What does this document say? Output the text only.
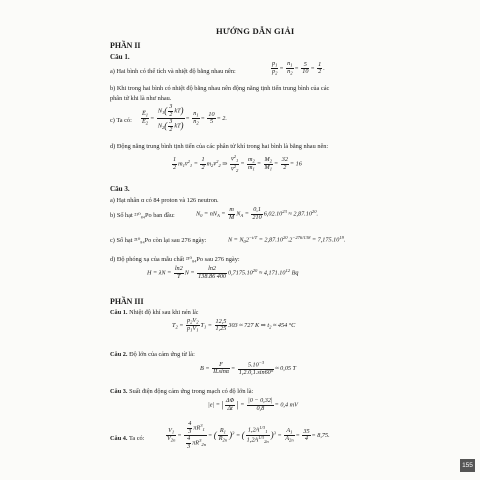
HƯỚNG DẪN GIẢI
PHẦN II
Câu 1.
a) Hai bình có thể tích và nhiệt độ bằng nhau nên:	$\frac{p_1}{p_2} = \frac{n_1}{n_2} = \frac{5}{10} = \frac{1}{2}$ .
b) Khi trong hai bình có nhiệt độ bằng nhau nên động năng tịnh tiến trung bình của các
phân tử khi là như nhau.
c) Ta có: $\frac{E̅_1}{E̅_2} = \frac{N_1( \frac{3}{2} kT)}{N_2( \frac{3}{2} kT)} = \frac{n_1}{n_2} = \frac{10}{5} = 2$.
d) Động năng trung bình tịnh tiến của các phân tử khí trong hai bình là bằng nhau nên:
$\frac{1}{2}$ $m_1v̄^2_1 = \frac{1}{2}$ $m_2v̄^2_2$ ⇒ $\frac{v̄^2_1}{v̄^2_2} = \frac{m_2}{m_1} = \frac{M_2}{M_1} = \frac{32}{2} = 16$
Câu 3.
a) Hạt nhân α có 84 proton và 126 neutron.
b) Số hạt ²¹⁰₈₄Po ban đầu:	$N_0 = nN_A = \frac{m}{M} N_A = \frac{0,1}{210} 6,02.10^{23} \approx 2,87.10^{20}$.
c) Số hạt ²¹⁰₈₄Po còn lại sau 276 ngày:	$N = N_02^{-t/T} = 2,87.10^{20}.2^{-276/138} = 7,175.10^{19}$.
d) Độ phóng xạ của mẫu chất ²¹⁰₈₄Po sau 276 ngày:
$H = \lambda N = \frac{\ln 2}{T}$ $N = \frac{\ln 2}{138.86 400} 0,7175.10^{20} \approx 4,171.10^{12}$ Bq
PHẦN III
Câu 1. Nhiệt độ khí sau khi nén là:
$T_2 = \frac{p_2V_2}{p_1V_1} T_1 = \frac{12,5}{1,25} 303 \approx 727$ K ⇒ $t_2 \approx 454$ °C
Câu 2. Độ lớn của cảm ứng từ là:
$B = \frac{F}{ILsin\alpha} = \frac{5.10^{-3}}{1,2.0,1.\sin 60^\circ} \approx 0,05$ T
Câu 3. Suất điện động cảm ứng trong mạch có độ lớn là:
|e| = | $\frac{\Delta\Phi}{\Delta t}$ | = $\frac{|0 - 0,32|}{0,8} = 0,4$ mV
Câu 4. Ta có:	$\frac{V_1}{V_{2n}} = \frac{\frac{4}{3} \pi R^3_1}{\frac{4}{3} \pi R^3_{2n}}$ = ( $\frac{R_1}{R_{2n}} )^3$ = ( $\frac{1,2A^{1/3}_1}{1,2A^{1/3}_{2n}} )^3 = \frac{A_1}{A_{2n}} = \frac{35}{4} = 8,75$.
155
